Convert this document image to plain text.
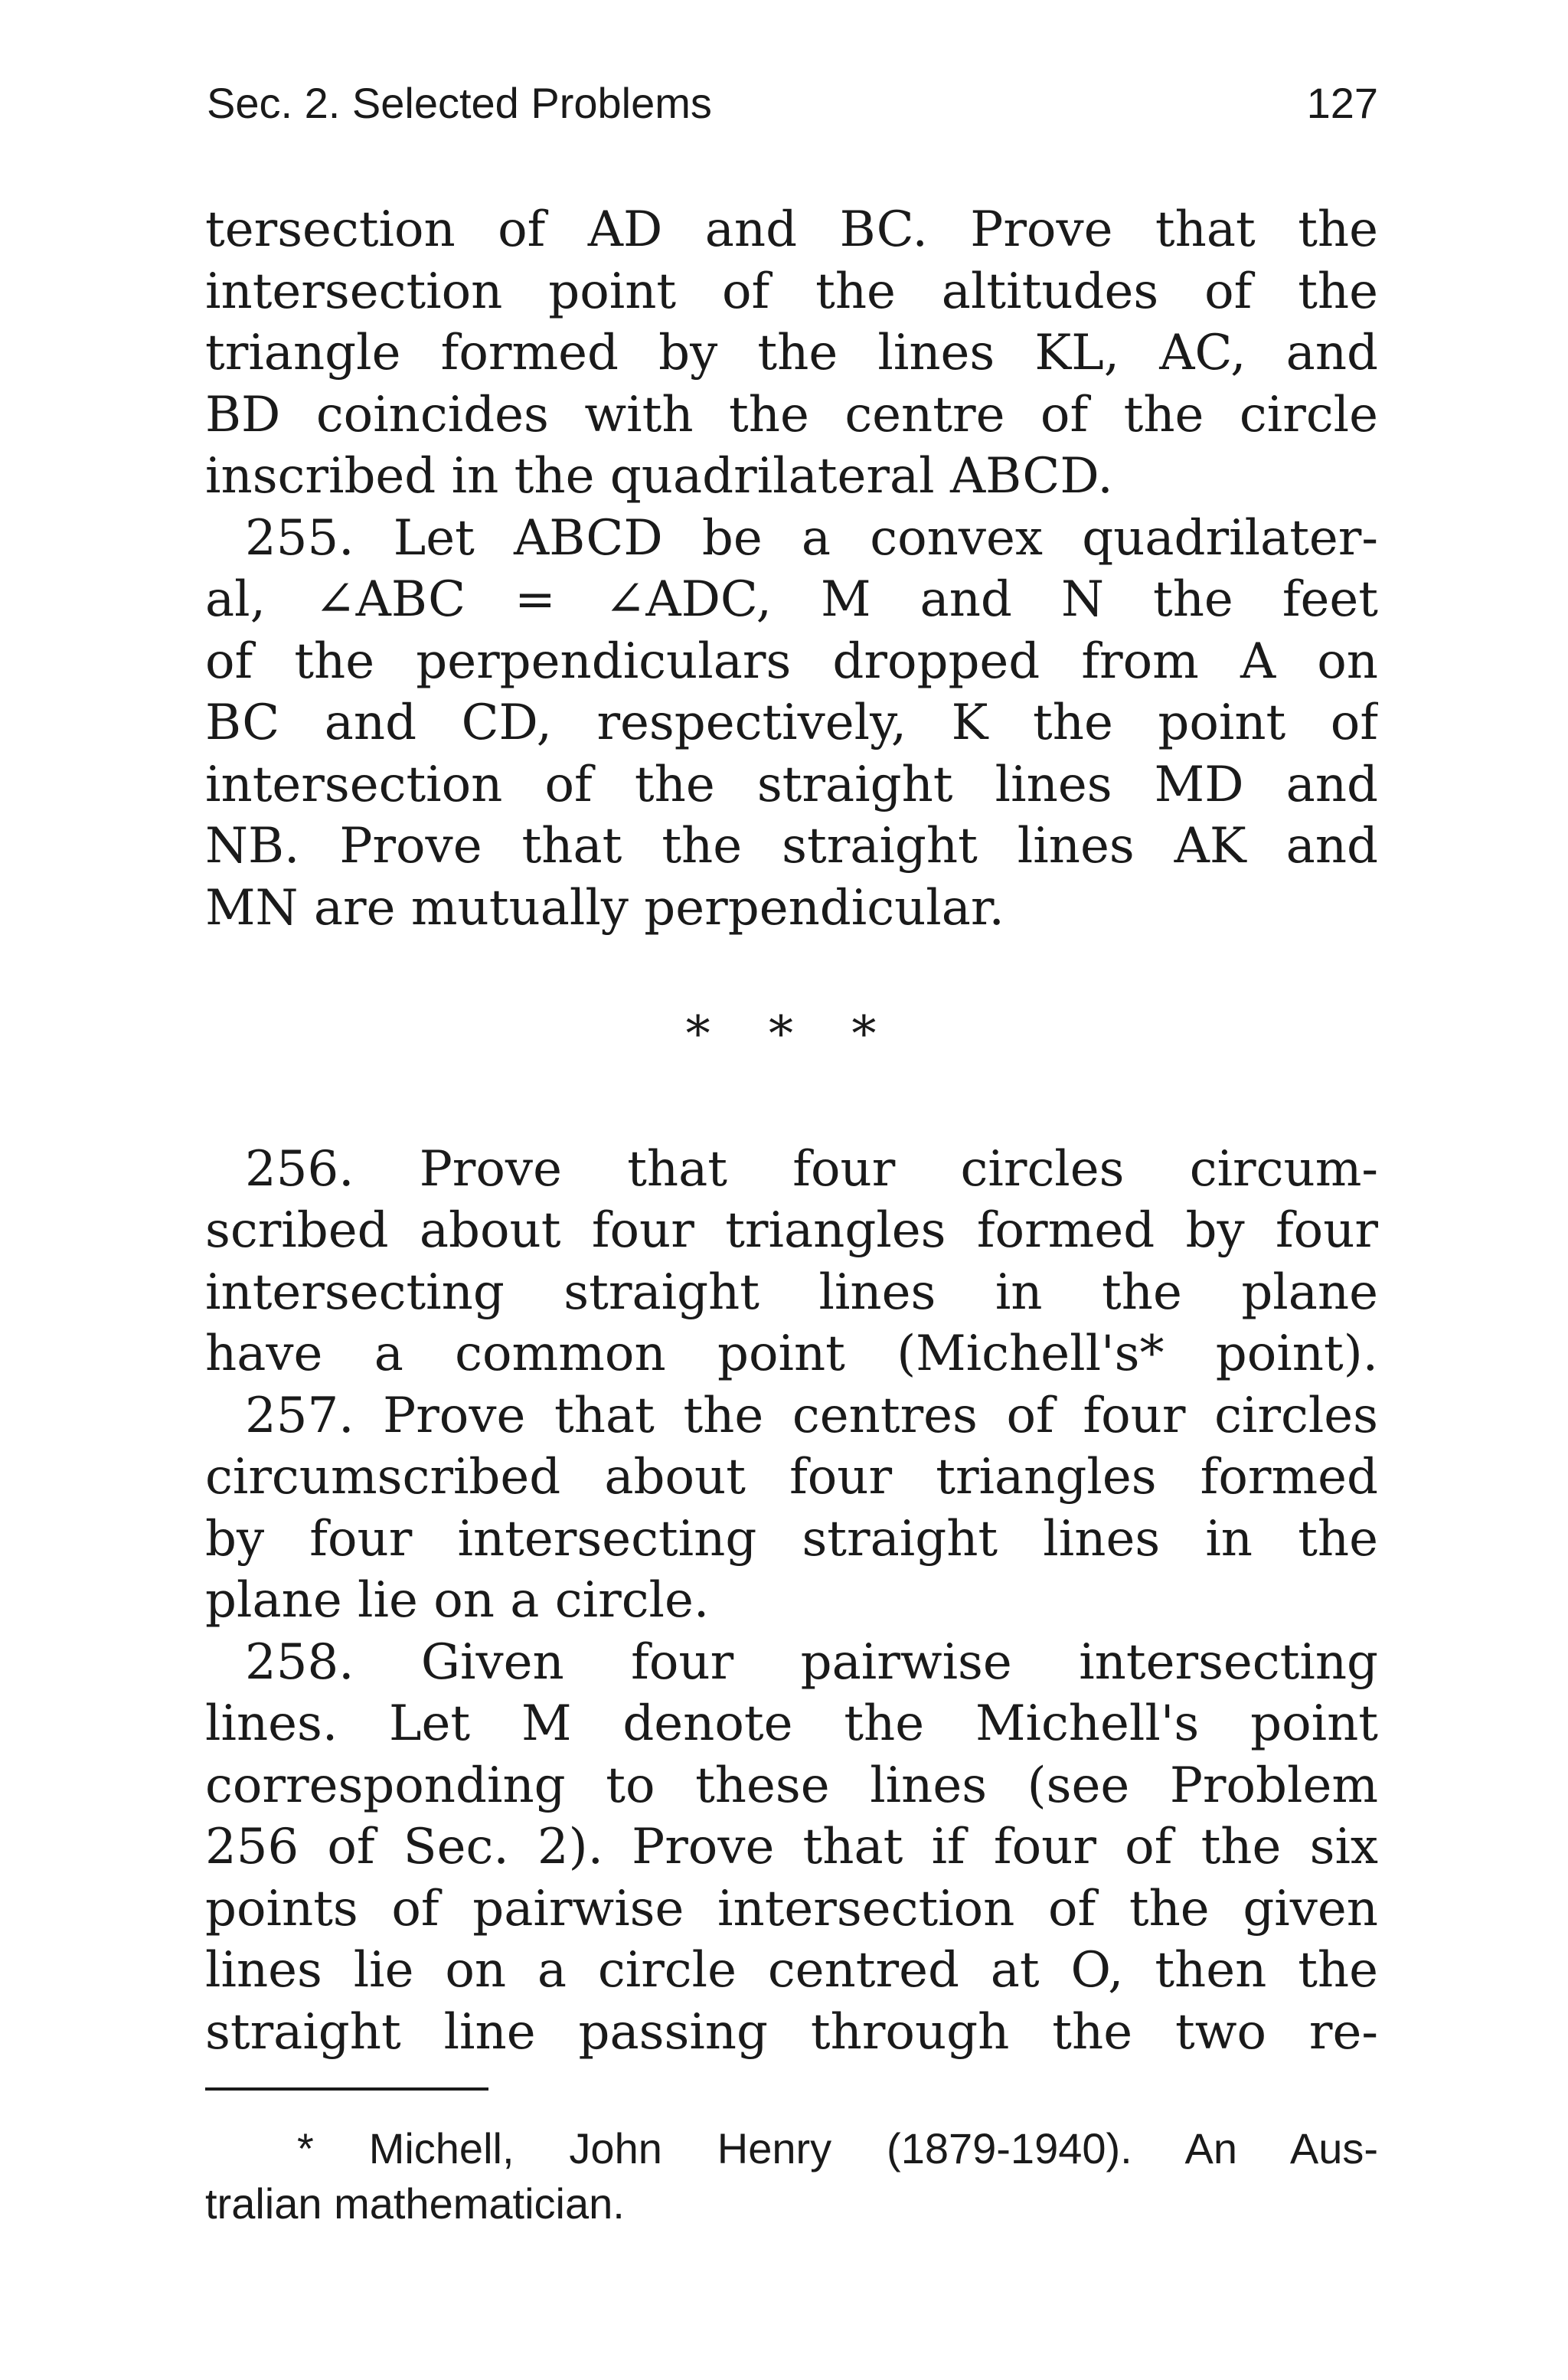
Sec. 2. Selected Problems	127
tersection of AD and BC. Prove that the
intersection point of the altitudes of the
triangle formed by the lines KL, AC, and
BD coincides with the centre of the circle
inscribed in the quadrilateral ABCD.
255. Let ABCD be a convex quadrilater-
al, ∠ABC = ∠ADC, M and N the feet
of the perpendiculars dropped from A on
BC and CD, respectively, K the point of
intersection of the straight lines MD and
NB. Prove that the straight lines AK and
MN are mutually perpendicular.
* * *
256. Prove that four circles circum-
scribed about four triangles formed by four
intersecting straight lines in the plane
have a common point (Michell's* point).
257. Prove that the centres of four circles
circumscribed about four triangles formed
by four intersecting straight lines in the
plane lie on a circle.
258. Given four pairwise intersecting
lines. Let M denote the Michell's point
corresponding to these lines (see Problem
256 of Sec. 2). Prove that if four of the six
points of pairwise intersection of the given
lines lie on a circle centred at O, then the
straight line passing through the two re-
* Michell, John Henry (1879-1940). An Aus-
tralian mathematician.
